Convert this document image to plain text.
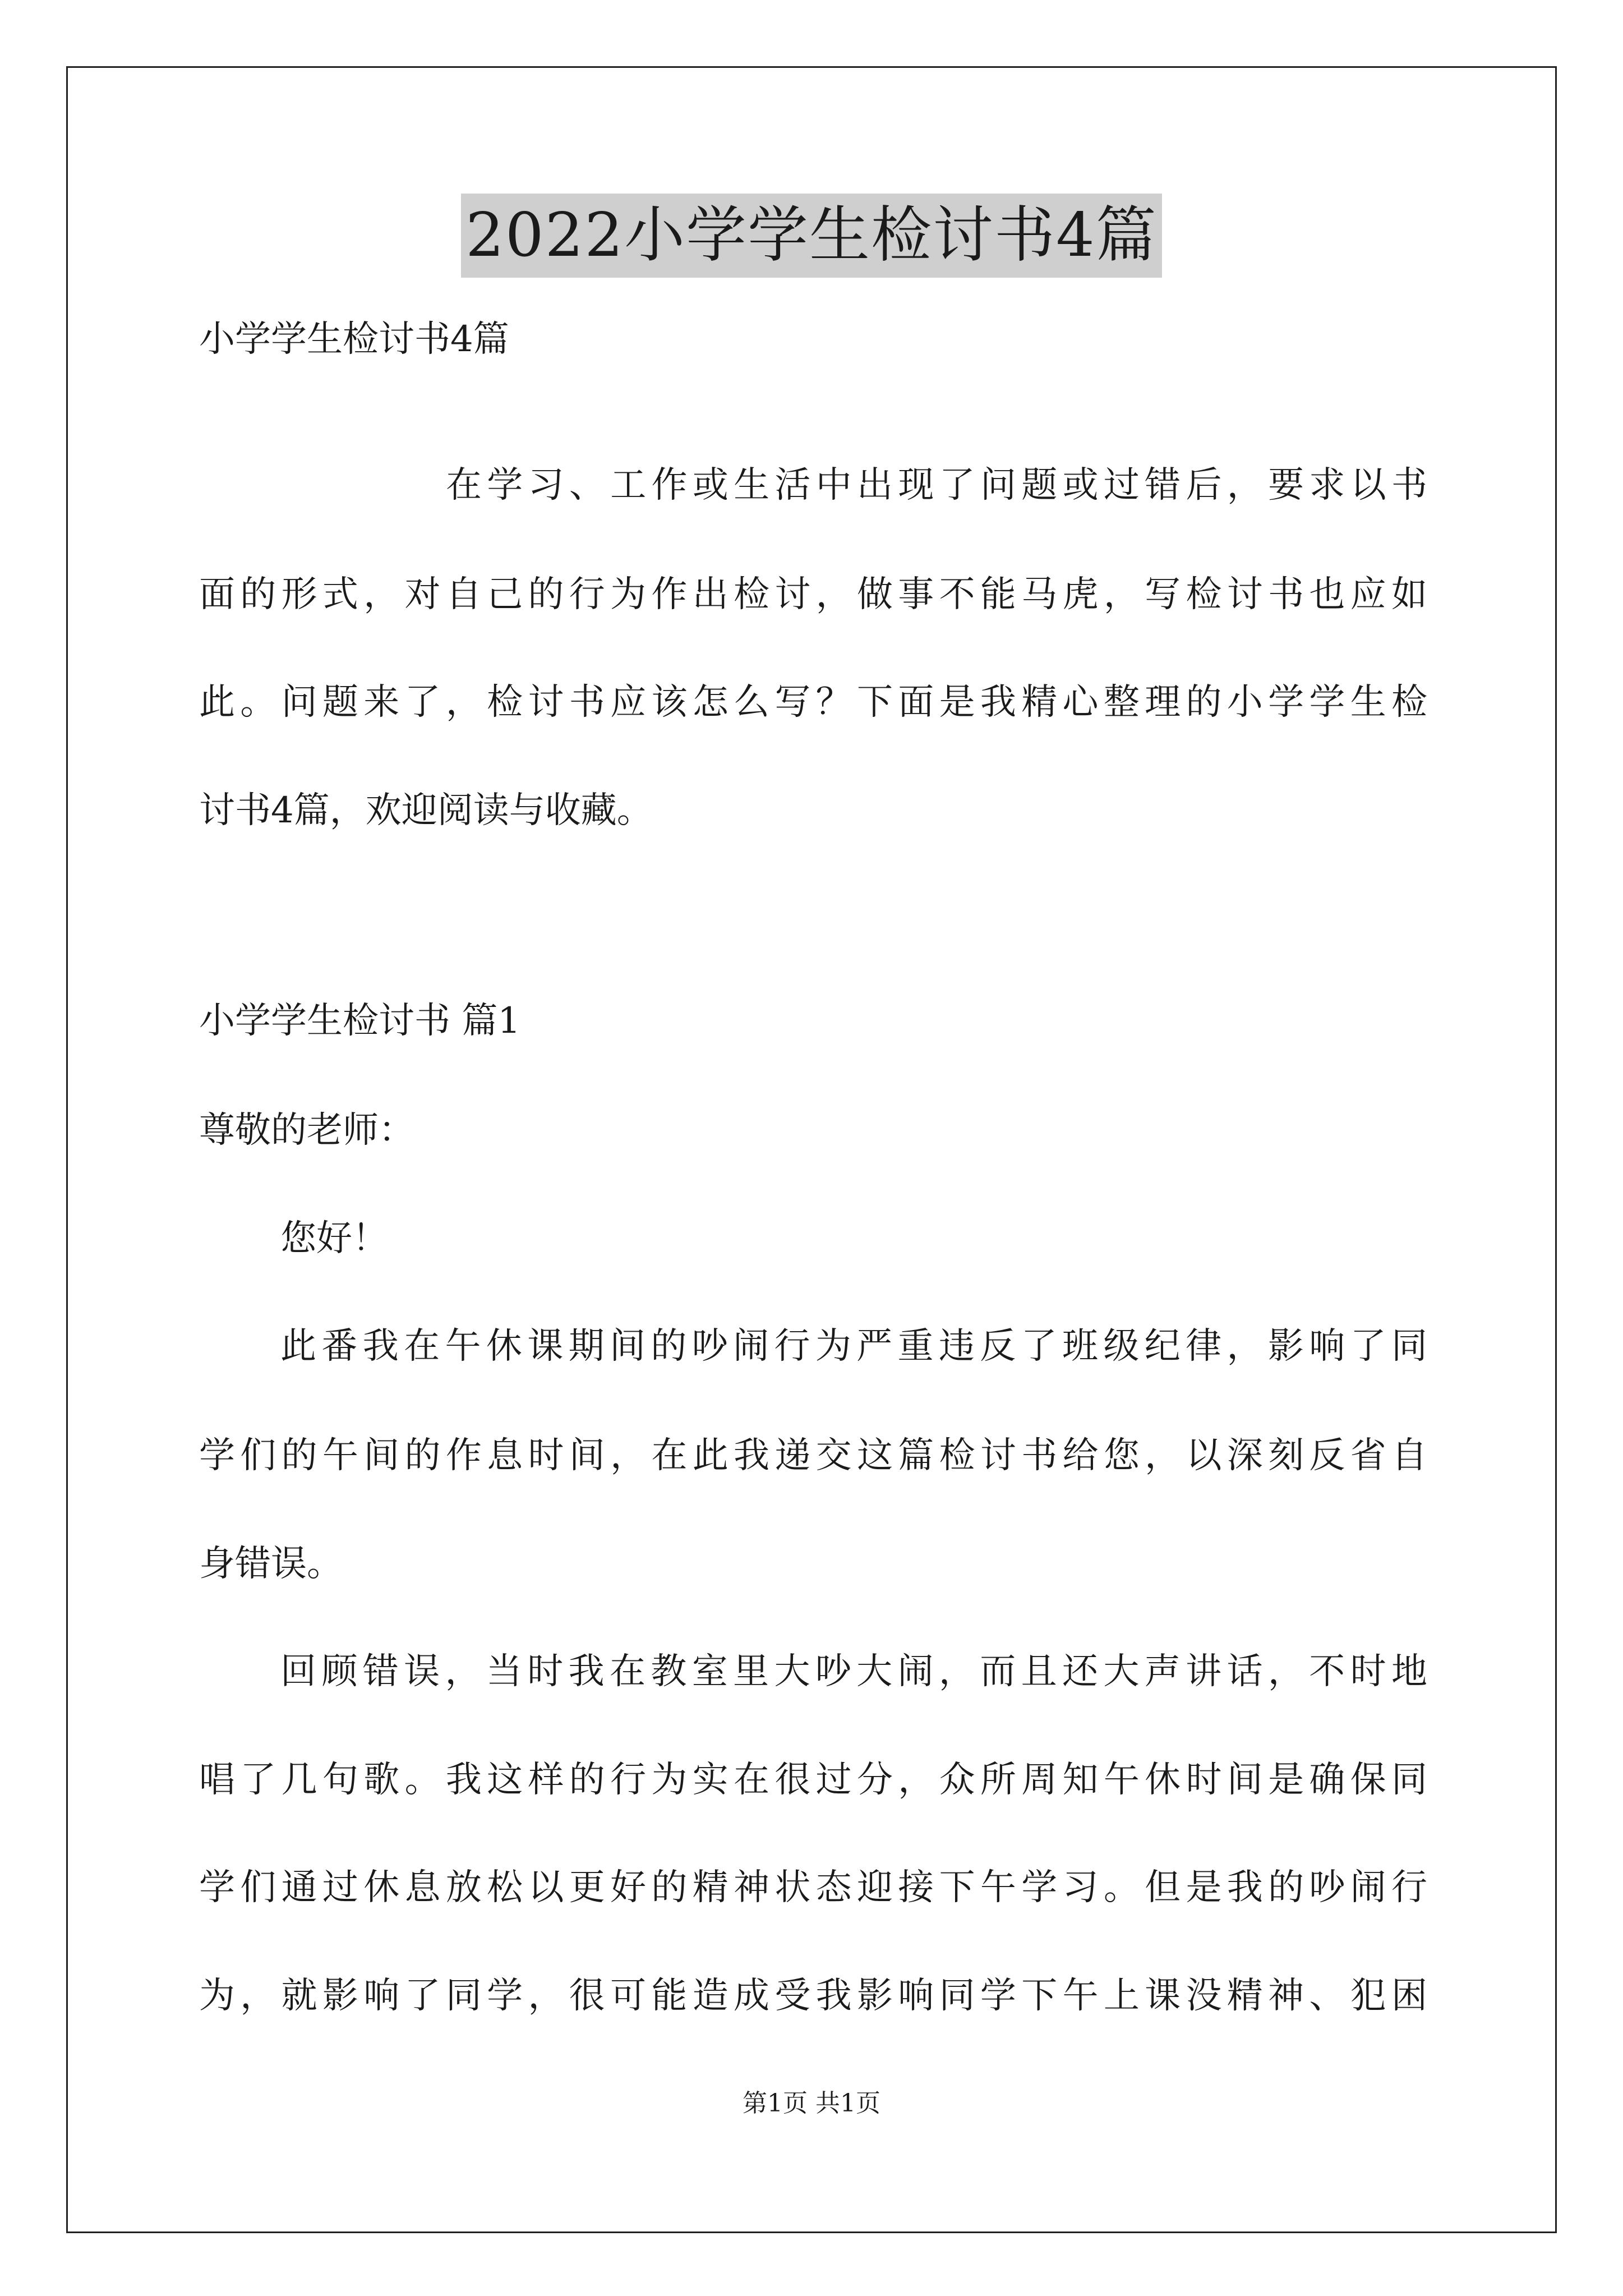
2022小学学生检讨书4篇
小学学生检讨书4篇
在学习、工作或生活中出现了问题或过错后，要求以书
面的形式，对自己的行为作出检讨，做事不能马虎，写检讨书也应如
此。问题来了，检讨书应该怎么写？下面是我精心整理的小学学生检
讨书4篇，欢迎阅读与收藏。
小学学生检讨书 篇1
尊敬的老师：
您好！
此番我在午休课期间的吵闹行为严重违反了班级纪律，影响了同
学们的午间的作息时间，在此我递交这篇检讨书给您，以深刻反省自
身错误。
回顾错误，当时我在教室里大吵大闹，而且还大声讲话，不时地
唱了几句歌。我这样的行为实在很过分，众所周知午休时间是确保同
学们通过休息放松以更好的精神状态迎接下午学习。但是我的吵闹行
为，就影响了同学，很可能造成受我影响同学下午上课没精神、犯困
第1页 共1页
